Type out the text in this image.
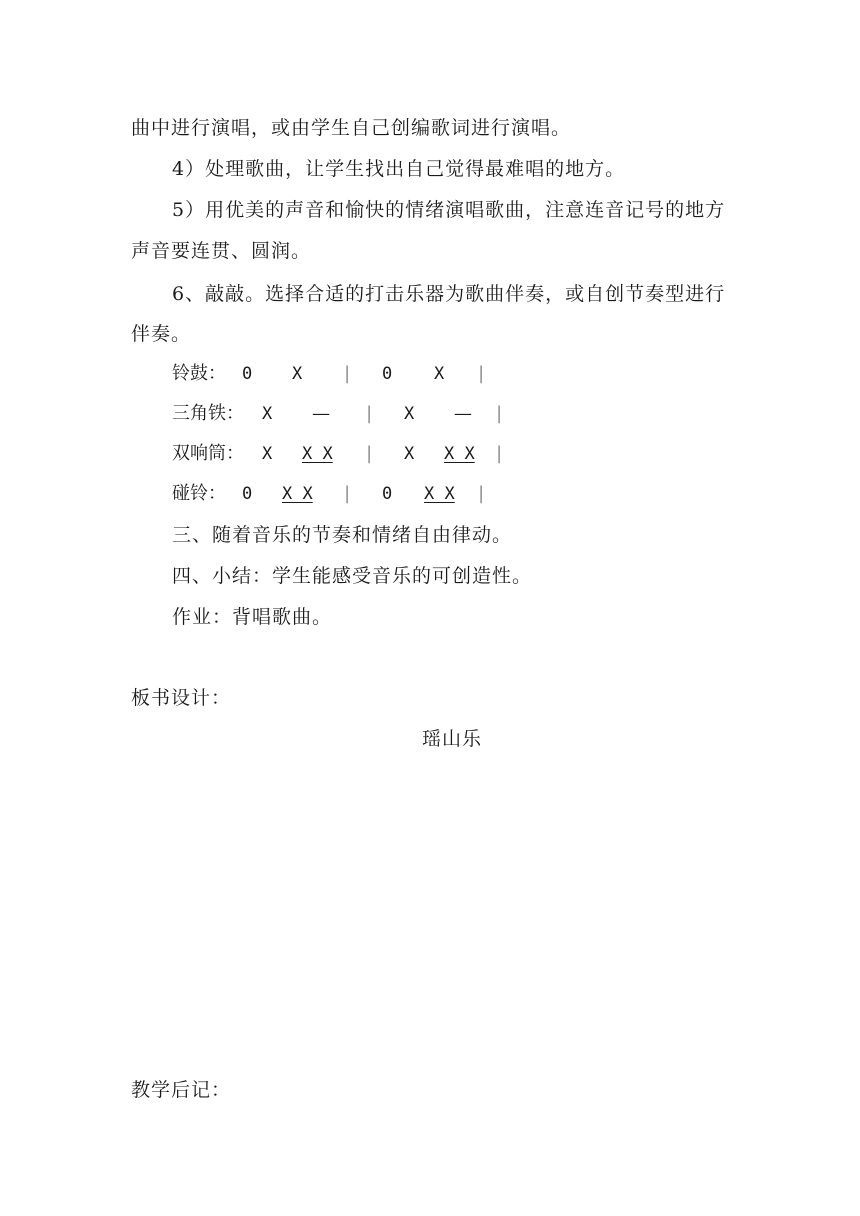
曲中进行演唱，或由学生自己创编歌词进行演唱。
4）处理歌曲，让学生找出自己觉得最难唱的地方。
5）用优美的声音和愉快的情绪演唱歌曲，注意连音记号的地方
声音要连贯、圆润。
6、敲敲。选择合适的打击乐器为歌曲伴奏，或自创节奏型进行
伴奏。
铃鼓： 0 X | 0 X |
三角铁： X — | X — |
双响筒： X X X | X X X |
碰铃： 0 X X | 0 X X |
三、随着音乐的节奏和情绪自由律动。
四、小结：学生能感受音乐的可创造性。
作业：背唱歌曲。
板书设计：
瑶山乐
教学后记：
